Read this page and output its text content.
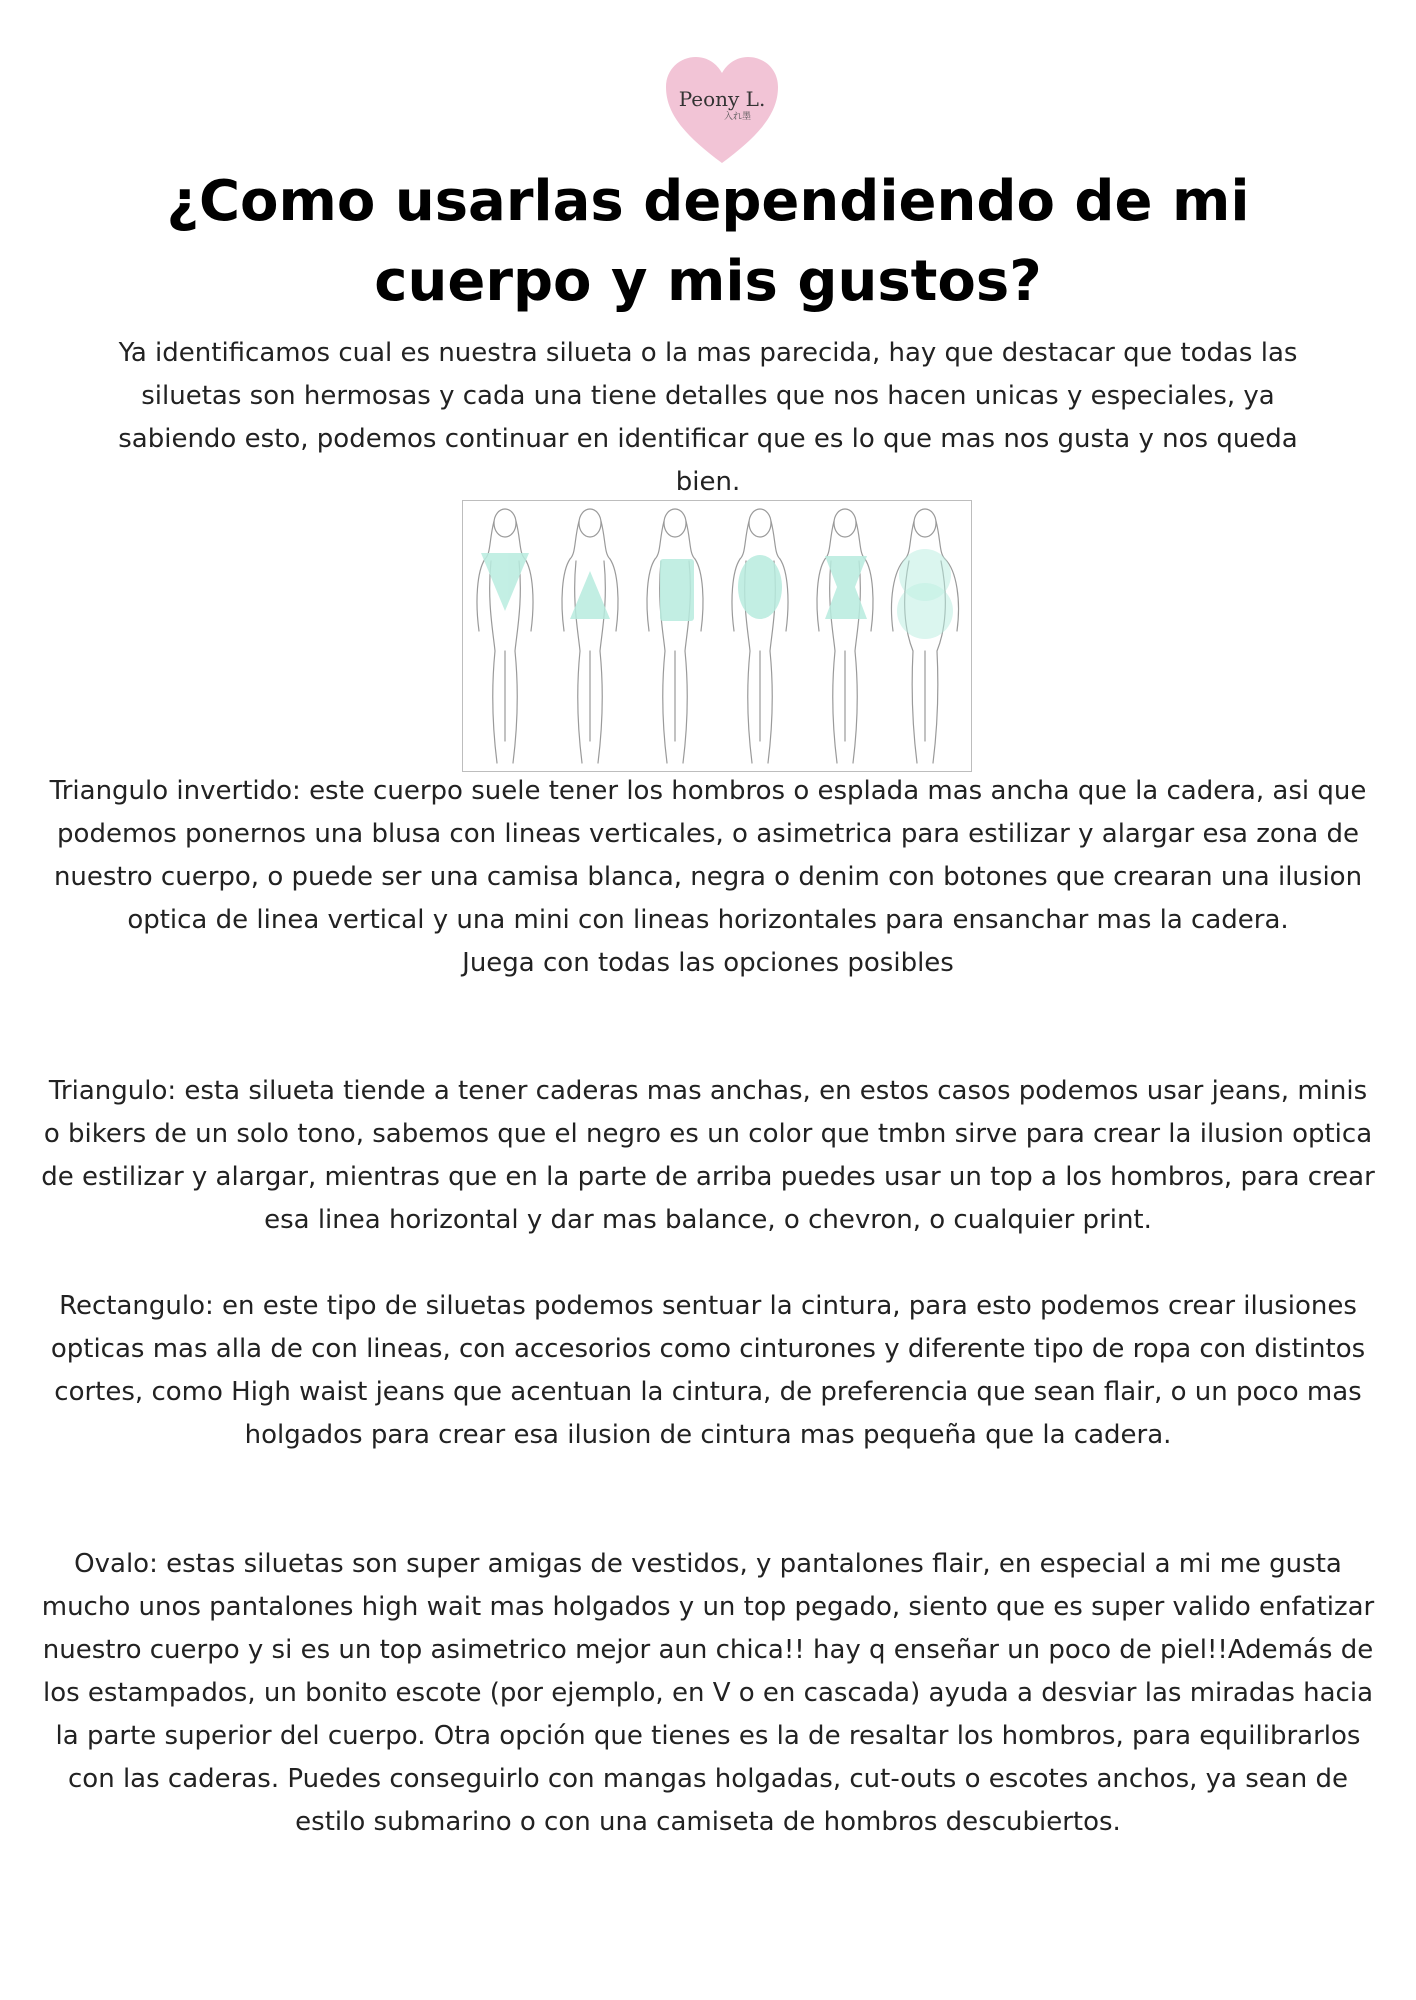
Peony L.
入れ墨
¿Como usarlas dependiendo de mi cuerpo y mis gustos?
Ya identificamos cual es nuestra silueta o la mas parecida, hay que destacar que todas las siluetas son hermosas y cada una tiene detalles que nos hacen unicas y especiales, ya sabiendo esto, podemos continuar en identificar que es lo que mas nos gusta y nos queda bien.
Triangulo invertido: este cuerpo suele tener los hombros o esplada mas ancha que la cadera, asi que podemos ponernos una blusa con lineas verticales, o asimetrica para estilizar y alargar esa zona de nuestro cuerpo, o puede ser una camisa blanca, negra o denim con botones que crearan una ilusion optica de linea vertical y una mini con lineas horizontales para ensanchar mas la cadera.
Juega con todas las opciones posibles
Triangulo: esta silueta tiende a tener caderas mas anchas, en estos casos podemos usar jeans, minis o bikers de un solo tono, sabemos que el negro es un color que tmbn sirve para crear la ilusion optica de estilizar y alargar, mientras que en la parte de arriba puedes usar un top a los hombros, para crear esa linea horizontal y dar mas balance, o chevron, o cualquier print.
Rectangulo: en este tipo de siluetas podemos sentuar la cintura, para esto podemos crear ilusiones opticas mas alla de con lineas, con accesorios como cinturones y diferente tipo de ropa con distintos cortes, como High waist jeans que acentuan la cintura, de preferencia que sean flair, o un poco mas holgados para crear esa ilusion de cintura mas pequeña que la cadera.
Ovalo: estas siluetas son super amigas de vestidos, y pantalones flair, en especial a mi me gusta mucho unos pantalones high wait mas holgados y un top pegado, siento que es super valido enfatizar nuestro cuerpo y si es un top asimetrico mejor aun chica!! hay q enseñar un poco de piel!!Además de los estampados, un bonito escote (por ejemplo, en V o en cascada) ayuda a desviar las miradas hacia la parte superior del cuerpo. Otra opción que tienes es la de resaltar los hombros, para equilibrarlos con las caderas. Puedes conseguirlo con mangas holgadas, cut-outs o escotes anchos, ya sean de estilo submarino o con una camiseta de hombros descubiertos.
